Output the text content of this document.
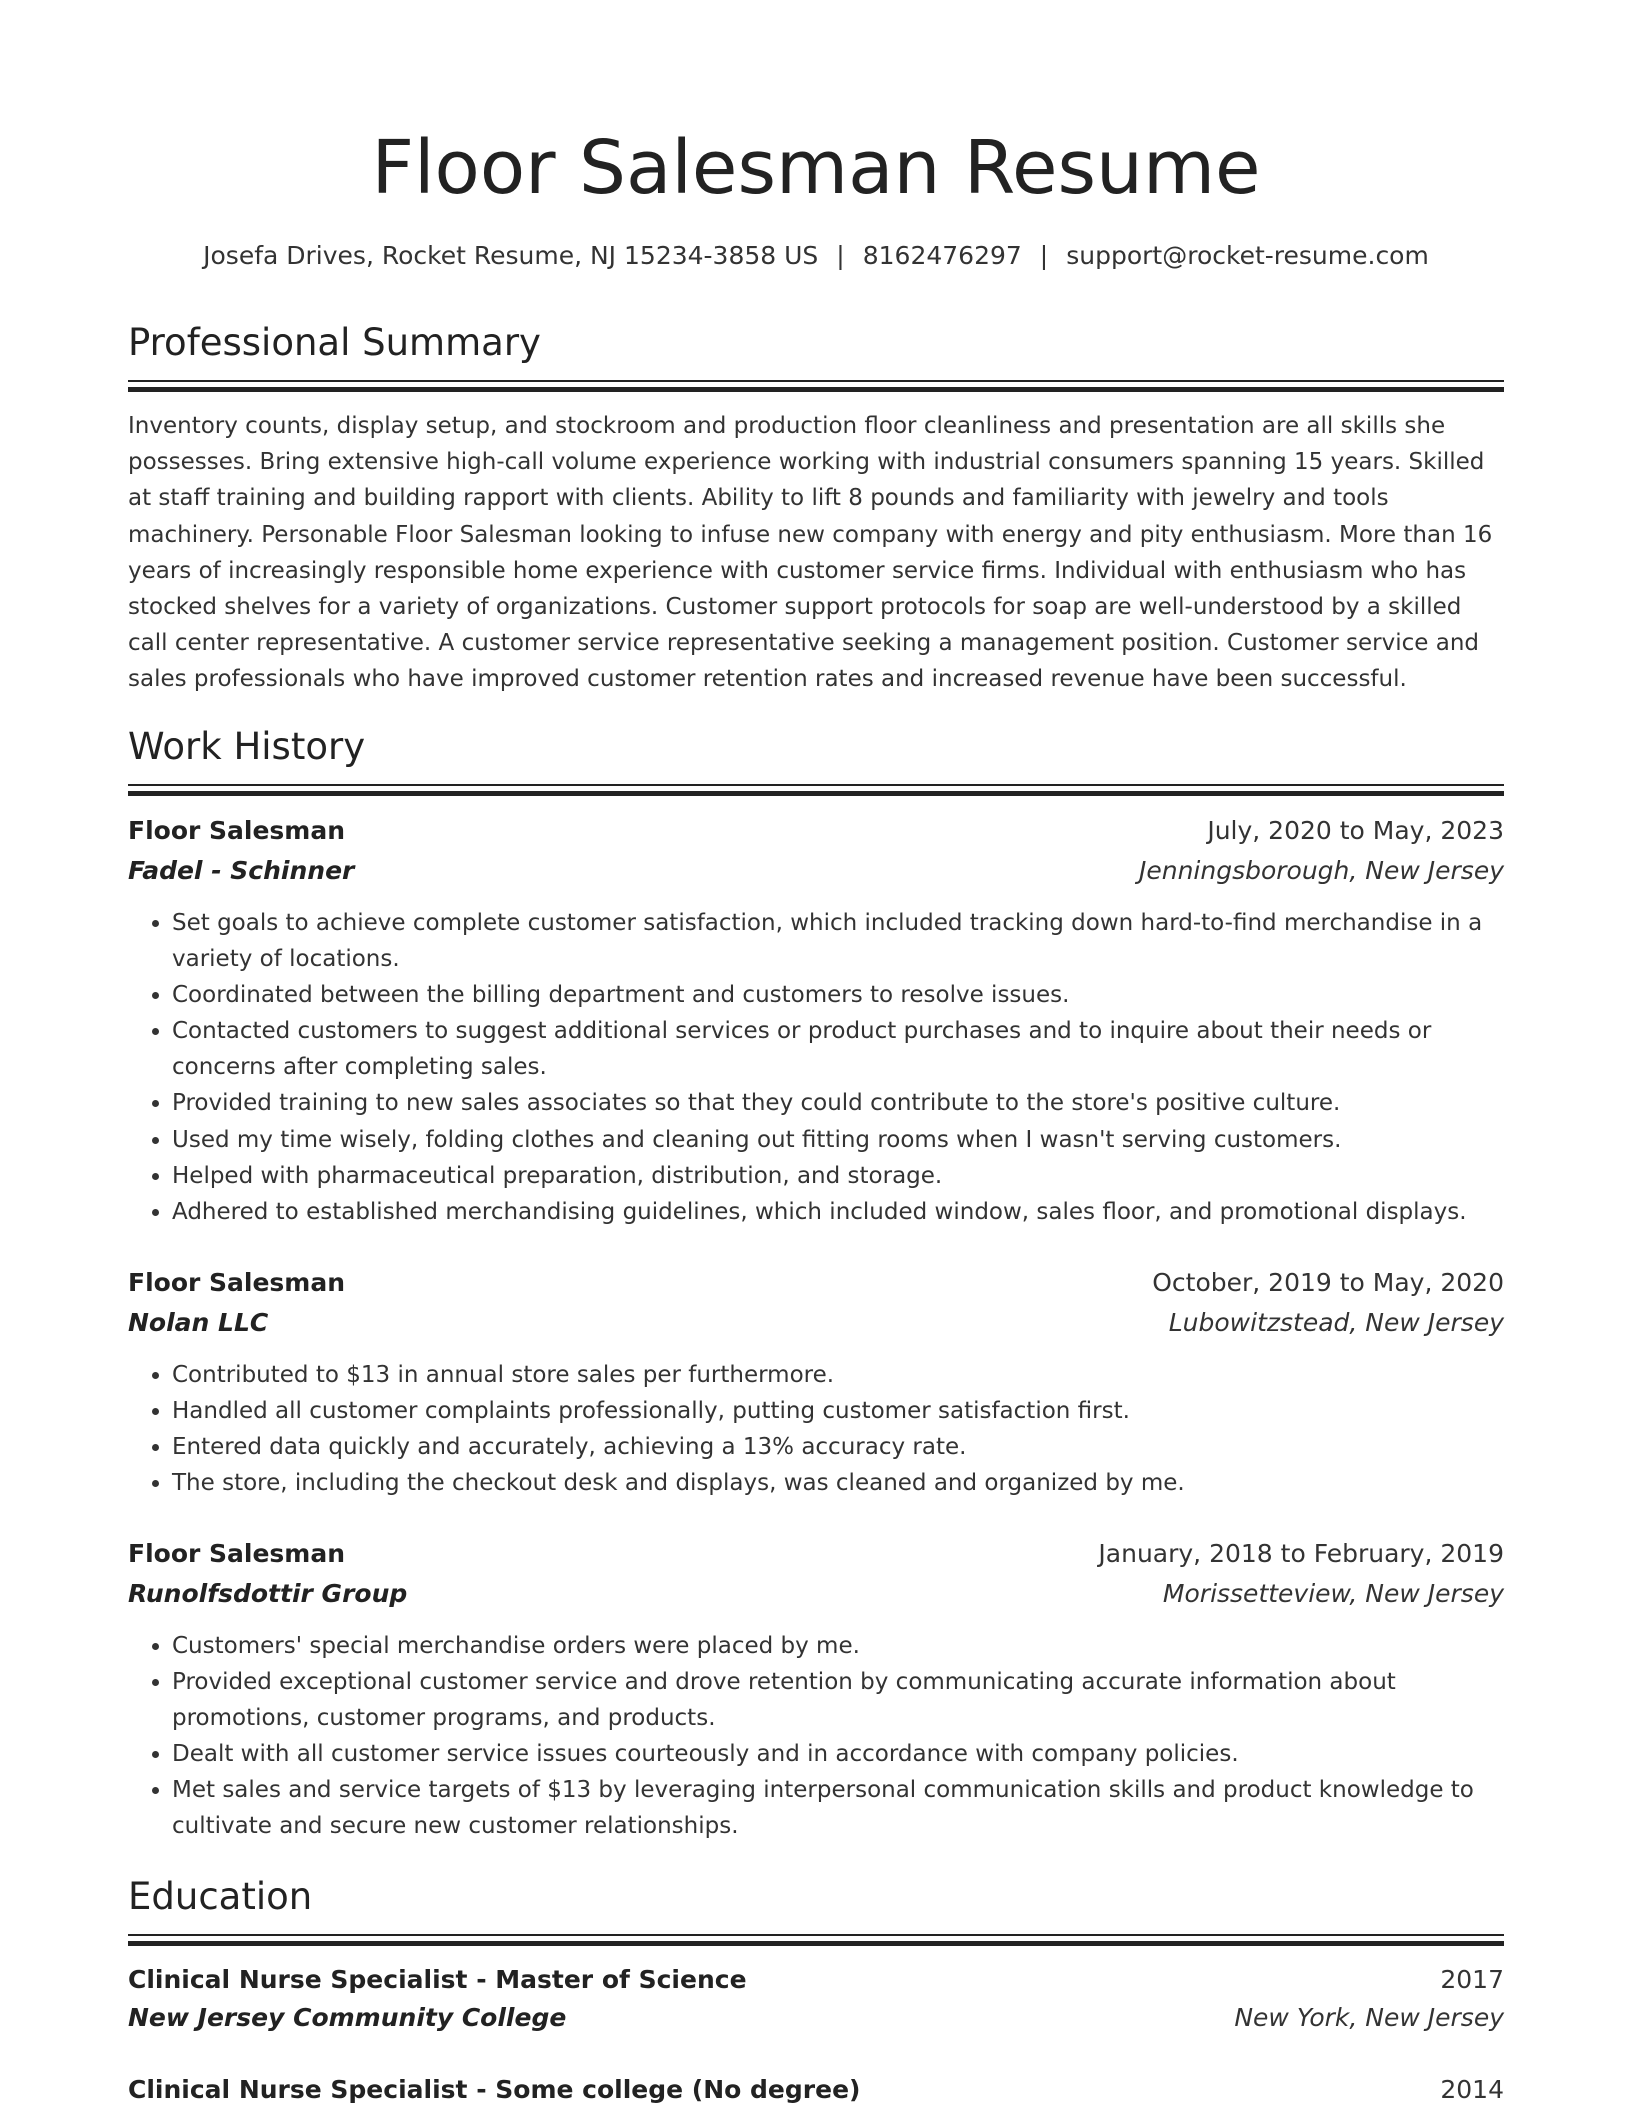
Floor Salesman Resume
Josefa Drives, Rocket Resume, NJ 15234-3858 US | 8162476297 | support@rocket-resume.com
Professional Summary
Inventory counts, display setup, and stockroom and production floor cleanliness and presentation are all skills she possesses. Bring extensive high-call volume experience working with industrial consumers spanning 15 years. Skilled at staff training and building rapport with clients. Ability to lift 8 pounds and familiarity with jewelry and tools machinery. Personable Floor Salesman looking to infuse new company with energy and pity enthusiasm. More than 16 years of increasingly responsible home experience with customer service firms. Individual with enthusiasm who has stocked shelves for a variety of organizations. Customer support protocols for soap are well-understood by a skilled call center representative. A customer service representative seeking a management position. Customer service and sales professionals who have improved customer retention rates and increased revenue have been successful.
Work History
Floor Salesman	July, 2020 to May, 2023
Fadel - Schinner	Jenningsborough, New Jersey
• Set goals to achieve complete customer satisfaction, which included tracking down hard-to-find merchandise in a variety of locations.
• Coordinated between the billing department and customers to resolve issues.
• Contacted customers to suggest additional services or product purchases and to inquire about their needs or concerns after completing sales.
• Provided training to new sales associates so that they could contribute to the store's positive culture.
• Used my time wisely, folding clothes and cleaning out fitting rooms when I wasn't serving customers.
• Helped with pharmaceutical preparation, distribution, and storage.
• Adhered to established merchandising guidelines, which included window, sales floor, and promotional displays.
Floor Salesman	October, 2019 to May, 2020
Nolan LLC	Lubowitzstead, New Jersey
• Contributed to $13 in annual store sales per furthermore.
• Handled all customer complaints professionally, putting customer satisfaction first.
• Entered data quickly and accurately, achieving a 13% accuracy rate.
• The store, including the checkout desk and displays, was cleaned and organized by me.
Floor Salesman	January, 2018 to February, 2019
Runolfsdottir Group	Morissetteview, New Jersey
• Customers' special merchandise orders were placed by me.
• Provided exceptional customer service and drove retention by communicating accurate information about promotions, customer programs, and products.
• Dealt with all customer service issues courteously and in accordance with company policies.
• Met sales and service targets of $13 by leveraging interpersonal communication skills and product knowledge to cultivate and secure new customer relationships.
Education
Clinical Nurse Specialist - Master of Science	2017
New Jersey Community College	New York, New Jersey
Clinical Nurse Specialist - Some college (No degree)	2014
